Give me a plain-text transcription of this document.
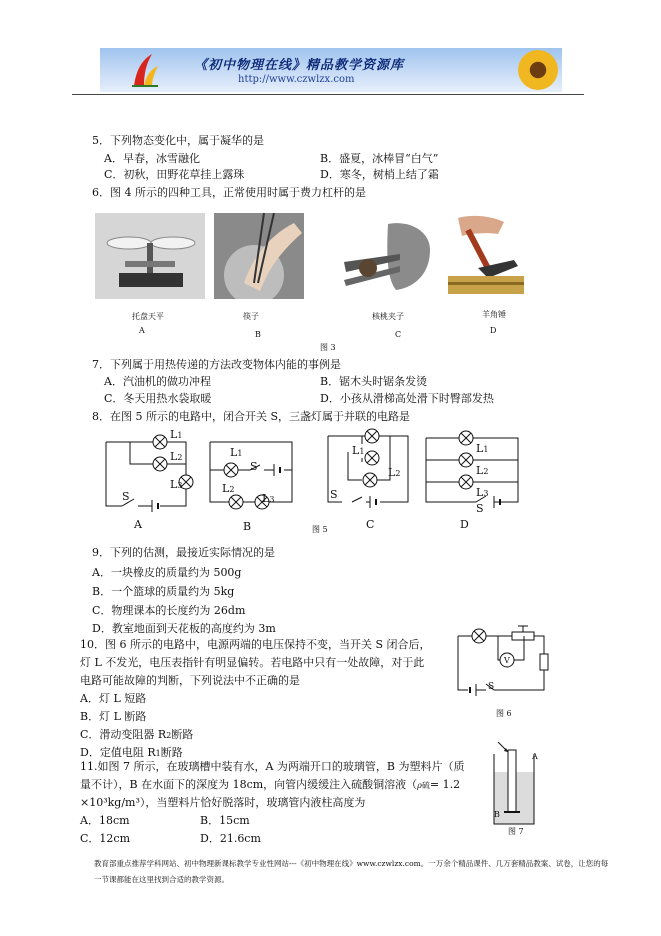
《初中物理在线》精品教学资源库
http://www.czwlzx.com
5．下列物态变化中，属于凝华的是
A．早春，冰雪融化	B．盛夏，冰棒冒“白气”
C．初秋，田野花草挂上露珠	D．寒冬，树梢上结了霜
6．图 4 所示的四种工具，正常使用时属于费力杠杆的是
托盘天平	筷子	核桃夹子	羊角锤
A	B	C	D
图 3
7．下列属于用热传递的方法改变物体内能的事例是
A．汽油机的做功冲程	B．锯木头时锯条发烫
C．冬天用热水袋取暖	D．小孩从滑梯高处滑下时臀部发热
8．在图 5 所示的电路中，闭合开关 S，三盏灯属于并联的电路是
L1
L2
L3
S
A
L1
S
L2
L3
B	图 5
L1
L2
S
C
L1
L2
L3
S
D
9．下列的估测，最接近实际情况的是
A．一块橡皮的质量约为 500g
B．一个篮球的质量约为 5kg
C．物理课本的长度约为 26dm
D．教室地面到天花板的高度约为 3m
10．图 6 所示的电路中，电源两端的电压保持不变，当开关 S 闭合后，
灯 L 不发光，电压表指针有明显偏转。若电路中只有一处故障，对于此
电路可能故障的判断，下列说法中不正确的是
A．灯 L 短路
B．灯 L 断路
C．滑动变阻器 R2断路
D．定值电阻 R1断路
V
S
图 6
11.如图 7 所示，在玻璃槽中装有水，A 为两端开口的玻璃管，B 为塑料片（质
量不计），B 在水面下的深度为 18cm，向管内缓缓注入硫酸铜溶液（ρ硫= 1.2
×10³kg/m³），当塑料片恰好脱落时，玻璃管内液柱高度为
A．18cm	B．15cm
C．12cm	D．21.6cm
A
B
图 7
教育部重点推荐学科网站、初中物理新课标教学专业性网站---《初中物理在线》www.czwlzx.com。一万余个精品课件、几万套精品教案、试卷，让您的每一节课都能在这里找到合适的教学资源。
